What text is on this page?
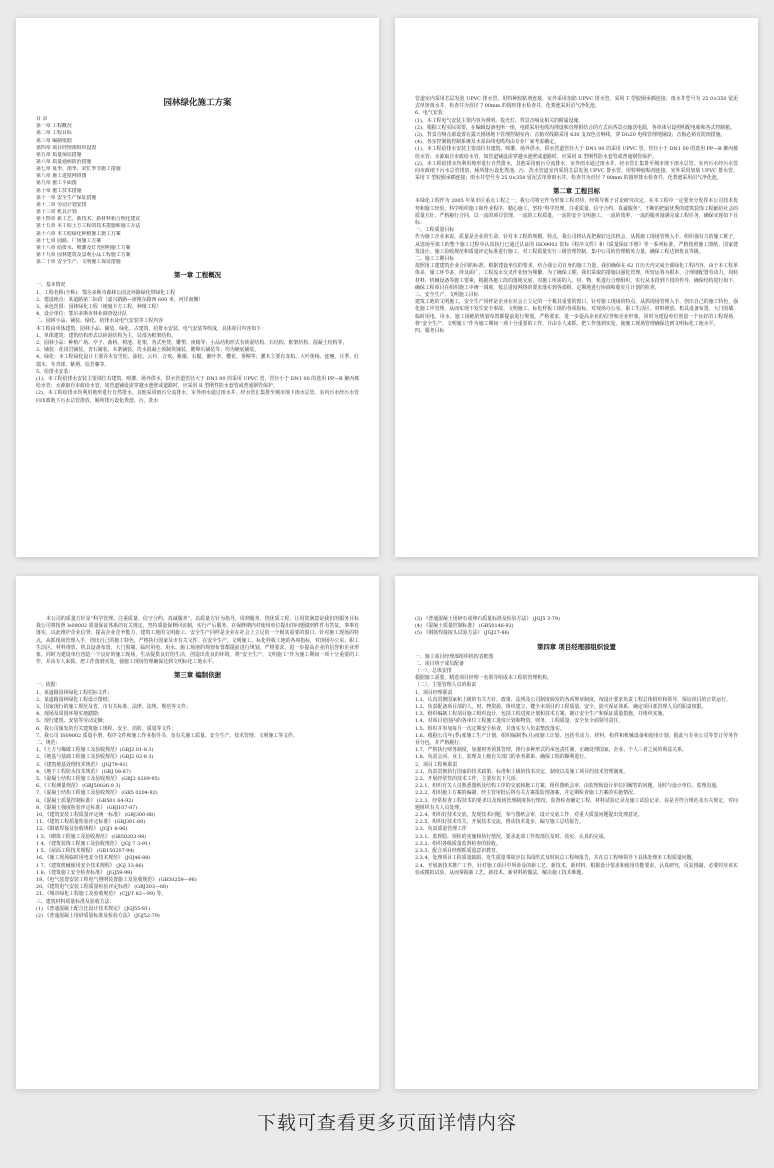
园林绿化施工方案
目 录

第一章 工程概况

第二章 工程目标

第三章 编制依据

第四章 项目经理部组织设置

第五章 质量保证措施

第六章 质量通病防治措施

第七章 夏季、雨季、农忙季节施工措施

第八章 施工进度网络图

第九章 施工平面图

第十章 施工技术措施

第十一章 安全生产保证措施

第十二章 劳动计划安排

第十三章 机具计划

第十四章 新工艺、新技术、新材料和合理化建议

第十五章 本工程土方工程的技术措施和施工办法

第十六章 本工程绿化种植施工施工方案

第十七章 园路、广场施工方案

第十八章 给排水、喷灌及灯光照明施工方案

第十九章 园林建筑及景观小品工程施工方案

第二十章 安全生产、文明施工保证措施

第一章 工程概况

一、基本情况

1、工程名称(全称)：鄂尔多斯市森林公园北环路绿化带绿化工程

2、建设地点：某道路第二标段（嘉兴路路—席格尔路西 600 米，河岸南侧）

3、承包范围：园林绿化工程（地貌卡方工程、种植工程）

4、设计单位：鄂尔多斯市林业调查设计队

二、园林小品、铺装、绿化、给排水及电气安装等工程内容

本工程由单体建筑、园林小品、铺装、绿化、古建筑、给排水安装、电气安装等组成，具体项目内容如下：

1、单体建筑：建筑结构形式以砖混结构为主，局部为框架结构。

2、园林小品：种植广场、亭子、曲桥、树池、花架、各式坐凳、雕塑、座椅等；小品结构形式有砖混结构、石结构、框架结构、混凝土结构等。

3、铺装：花岗岩铺装、青石铺装、木条铺装、洗水混凝土预制块铺装、鹅卵石铺装等；均为硬底铺装。

4、绿化：本工程绿化设计主要乔木有雪松、油松、云杉、合欢、紫薇、石榴、紫叶李、樱花、垂柳等；灌木主要有龙柏、大叶黄杨、连翘、月季、红瑞木、冬青球、紫荆、扶芳藤等。

5、给排水安装：

(1)、本工程给排水安装主要部位有建筑、喷灌、场外供水，供水管道管径大于 DN1 00 的采用 UPVC 管，管径小于 DN1 00 的选用 PP—R 聚丙烯给水管；水源取自市政给水管，如管道铺设需穿越水池壁或道路时，应采用 II 型刚性防水套管或普通钢管保护。

(2)、本工程给排水均利用地形进行自然排水，其他采用雨污分流排水，室外雨水通过雨水井，经水管汇集排至城市地下雨水总管。室内污水经污水管向市政地下污水总管排放，厕所排污设化粪池、污、洗水

管道室内采用芯层发泡 UPVC 排水管，用特种胶粘剂连接，室外采用加筋 UPVC 排水管，采用 T 型胶圈承插连接；雨水井型号为 25 0×350 留泥式单箅雨水井，检查井为直径 7 00mm 的圆形排水检查井，化粪池采用沼气净化池。

6、电气安装：

(1)、本工程电气安装主要内容为照明、投光灯、背景音响及相关的附属设施。

(2)、根据工程实际需要，在编辑设备电所一座，电缆采用电缆沟埋设和直埋相结合的方式向各景点输送电源，各单体另设照明配电箱和各式控制箱。

(3)、背景音响音源设置在露天剧场地下管理控制室内；音箱对线路采用 630 支双色音响线，穿 DG20 电线管埋地铺设；音箱必须有防雨措施。

(4)、各室控制箱控制系统及水泵由线电缆均由专业厂家考虑确定。

(1)、本工程给排水安装主要部位有建筑、喷灌、场外供水，供水管道管径大于 DN1 00 的采用 UPVC 管，管径小于 DN1 00 的选用 PP—R 聚丙烯给水管；水源取自市政给水管，如管道铺设需穿越水池壁或道路时，应采用 II 型刚性防水套管或普通钢管保护。

(2)、本工程给排水均利用地形进行自然排水，其他采用雨污分流排水，室外雨水通过雨水井，经水管汇集排至城市地下雨水总管。室内污水经污水管向市政地下污水总管排放，厕所排污设化粪池、污、洗水管道室内采用芯层发泡 UPVC 排水管，用特种胶粘剂连接，室外采用加筋 UPVC 排水管，采用 T 型胶圈承插连接；雨水井型号为 25 0×350 留泥式单箅雨水井，检查井为直径 7 00mm 的圆形排水检查井，化粪池采用沼气净化池。

第二章 工程目标

本绿化工程作为 2005 年某市区重点工程之一，我公司将它作为形象工程对待，经领导班子讨论研究决定，在本工程中一定要充分发挥本公司技术优势和施工经验，科学组织施工和作业程序，精心施工，坚持“科学管理、注重质量、信守合约、真诚服务”，不断的把最优秀的建筑装饰工程献给社会的质量方针，严格履行合同，以一流的项目管理，一流的工程质量，一流的安全文明施工，一流的效率，一流的服务圆满完成工程任务，确保实现如下目标：

一、工程质量目标

作为施工企业来说，质量是企业的生命，针对本工程的规模、特点，我公司将认真把握好这次机会，从抓施工现场管理入手，组织强有力的施工班子，从选场至竣工的整个施工过程中认真执行已通过认证的 ISO9002 贯标《程序文件》和《质量保证手册》等一系列标准，严格按照施工图纸、国家建筑设计、施工验收规范和质量评定标准进行施工，对工程质量实行三级管理控制，集中公司的管理精英力量，确保工程达到优良等级。

二、施工工期目标

按照用工建建筑企业合同的标准，根据建设单位的要求，结合我公司自身的施工力量，我们确保在 62 日历天内完成全部绿化工程内容，由于本工程单体多，施工环节多，涉及面广，工程流水交叉作业较为频繁，为了确保工期，我们采取的措施以强化管理，所密运筹为根本，合理地配置劳动力，周转材料，机械设备等施工要素，根据各施工段的落地交底，对施工所需的人、材、物、机进行合理组织，实行从本段到下段的传导，确保结构进行如下，确保工程项目在组织施工中统一调度，按总进度网络的要求落实到各部组，定期地进行协调和收实月计划的检查。

三、安全生产、文明施工目标

建筑工地的文明施工，安全生产同样是企业在社会上立足的一个极其重要的窗口，针对施工现场的特点，从抓现场管理入手，创出自己的施工特色，强化施工中管理，从而实现不发生安全事故、文明施工、标化样板工地的各项指标。对现场办公室、职工生活区、材料堆放、机具设备布置，大门围墙、临时用电、用水、施工场地的规划布置都提前进行规划，严格要求，进一步提高企业的信誉和企业形象，同时为建设单位创造一个良好的工程现场，将“安全生产，文明施工”作为施工期间一项十分重要的工作，并由专人来抓，把工作落到实处，使施工现场管理确保达到文明标化工地水平。

四、服务目标

本公司的质量方针是“科学管理、注重质量、信守合约、真诚服务”，以质量方针为指导，周到服务，创优质工程，让用资满意是我们的服务目标 我公司将按照 Is09002 质量保证体系的有关规定，坚持质量保修回访制，实行产后服务，在保修期内对使用单位提出的问题做到件件有答复、事事有落实，以此维护企业信誉，提高企业竞争能力，建筑工地的文明施工，安全生产同样是企业在社会上立足的一个极其重要的窗口，针对施工现场的特点，从抓现场管理入手，创出自己的施工特色，严格执行国家及市有关文件，在安全生产、文明施工、标化样板工地的各项指标，对现场办公室、职工生活区、材料堆放、机具设备布置，大门围墙、临时用电、用水、施工场地的规划布置都提前进行规划，严格要求，进一步提高企业的信誉和企业形象，同时为建设单位创造一个良好的施工现场，生活提供良好的生活，创造出优良的环境，将“安全生产，文明施工”作为施工期间一项十分重要的工作，并由专人来抓，把工作落到实处，使施工现场管理确保达到文明标化工地水平。

第三章 编制依据

一、依据：

1、某道路园林绿化工程招标文件；

2、某道路园林绿化工程设计图纸；

3、国家现行的施工规范及省、市有关标准、法律、法规、规范等文件；

4、现场及周围环境实地踏勘；

5、现行建筑、安装等劳动定额；

6、我公司颁发的有关建筑施工规程、安全、消防、质量等文件；

7、我公司 IS09002 质量手册、程序文件和施工作业指导书，及有关施工质量、安全生产、技术管理、文明施工等文件。

二、规范：

1、《土方与爆破工程施工及验收规范》(GBJ2 01-8 3)

2、《地基与基础工程施工及验收规范》(GBJ2 02-8 3)

3、《建筑地基处理技术规范》 (JGJ79-91)

4、《地下工程防水技术规范》 (GBJ 08-87)

5、《混凝土结构工程施工及验收规范》 (GBJ2 0209-95)

6、《工程测量规范》 (GBJ50026-9 3)

7、《混凝土结构工程施工及验收规范》 (GB5 0204-92)

8、《混凝土质量控制标准》 (GB501 64-92)

9、《混凝土强度检验评定标准》 (GBJ107-87)

10、《建筑安装工程质量评定统一标准》 (GBJ300-88)

11、《建筑工程质量检验评定标准》 (GBJ301-88)

12、《钢筋焊接及验收规程》 (JGJ1 8-96)

1 3、《砌体工程施工及验收规范》 (GB50203-98)

1 4、《建筑装饰工程施工及验收规范》 (JGJ 7 3-91)

1 5、《屋面工程技术规程》 (GB150207-94)

16、《施工现场临时用电安全技术规范》 (JGJ46-88)

1 7、《建筑机械使用安全技术规程》 (JGJ 33-86)

1 8、《建筑施工安全检查标准》 (JGJ59-99)

19、《电气装置安装工程电气照明装置施工及验收规范》 (GB50259—96)

20、《建筑电气安装工程质量检验评定标准》 (GBJ303—88)

21、《城市绿化工程施工及验收规范》 (CJJ/T 82—99) 等。

三、建筑材料质量标准及验收方法：

(1) 《普通混凝土配合比设计技术规定》 (JGJ55-81)

(2) 《普通混凝土用砂质量标准及检验方法》 (JGJ52-79)

(3) 《普通混凝土用碎石或卵石质量标准及检验方法》 (JGJ5 3-79)

(4) 《混凝土质量控制标准》 (GB50146-92)

(5) 《钢筋焊接接头试验方法》 (JGJ27-86)

第四章 项目经理部组织设置

一、施工项目经理部组织机构表框图

二、项目班子成员配备

（一）、总体安排

根据施工需要，精选项目经理一名领导组成本工程的管理机构。

（二）、主要管理人员的职责

1、项目经理职责

1.1、认真贯彻国家和上级的有关方针、政策、法规及公司制度颁发的各项规章制度，按设计要求负责工程总体组织和领导，保证项目的正常运行。

1.2、负责配备项目部的人、财、物资源，组织建立、健全本项目的工程质量、安全、防火保证体系，确定项目部管理人员的职责权限。

1.3、组织编制工程项目施工组织设计，包括工程进度计划和技术方案，制订安全生产和保证质量措施，并组织实施。

1.4、对项目范围内的各单位工程施工进度计划和物资、财务，工程质量、安全负全面领导责任。

1.5、组织并参加每月一次定期安全检查，并落实专人负责整改落实。

1.6、根据公司年(季)度施工生产计划，组织编制季(月)度施工计划，包括劳动力、材料、构件和机械设备和使用计划，据此与专业公司等签订劳务作业分包，并严格履行。

1.7、严格执行财务制度，加强财务预算管理，推行多种形式的承包责任制，正确处理国家、企业、个人三者之间的利益关系。

1.8、负责会同、业主、监理及上级有关部门的业务联系，确保工程的顺利进行。

2、项目工程师职责

2.1、负责贯彻执行国家的技术政策、标准和上级的技术决定、制度以及施工项目的技术管理制度。

2.2、开展经常性的技术工作，主要有以下几项：

2.2.1、组织有关人员熟悉图纸及结构工序的交底和施工方案，组织图纸会审，由监理和设计单位同解答的问题，及时与设计单位、监理沟通。

2.2.2、组织施工方案的编制，经主管审批后将有关方案报监理备案，并定期检查施工方案的实施情况。

2.2.3、经常检查工程技术的要求以及现场管理制度执行情况，监督检查确定工程、材料试验记录及施工试验记录，看是否符合规范及有关规定，对问题组织有关人员处理。

2.2.4、组织好技术交底，发现技术问题，参与图纸会审，设计交底工作，对重大质量问题提出处理意见。

2.2.5、组织好技术攻关，开展技术交流，推动技术进步，编写施工总结报告。

2.3、负责质量管理工作

2.3.1、监督隐、预检的实施和执行情况，要求此项工作按部位及时、真实、认真的完成。

2.3.2、组织各级质量监督检查的验收。

2.3.3、配合项目经理抓质量意识教育。

2.3.4、处理项目工程质量缺陷，发生质量事故应以书面形式及时向总工程师报告，并在总工程师领导下具体处理本工程质量问题。

2.4、开展新技术推广工作，针对施工项目中所涉及的新工艺、新技术、新材料，根据设计要求和使用功能要求，认真研究，反复推敲，必要时应该实验或模拟试验，从而掌握新工艺、新技术、新材料的做法，解决施工技术难题。

下载可查看更多页面详情内容
